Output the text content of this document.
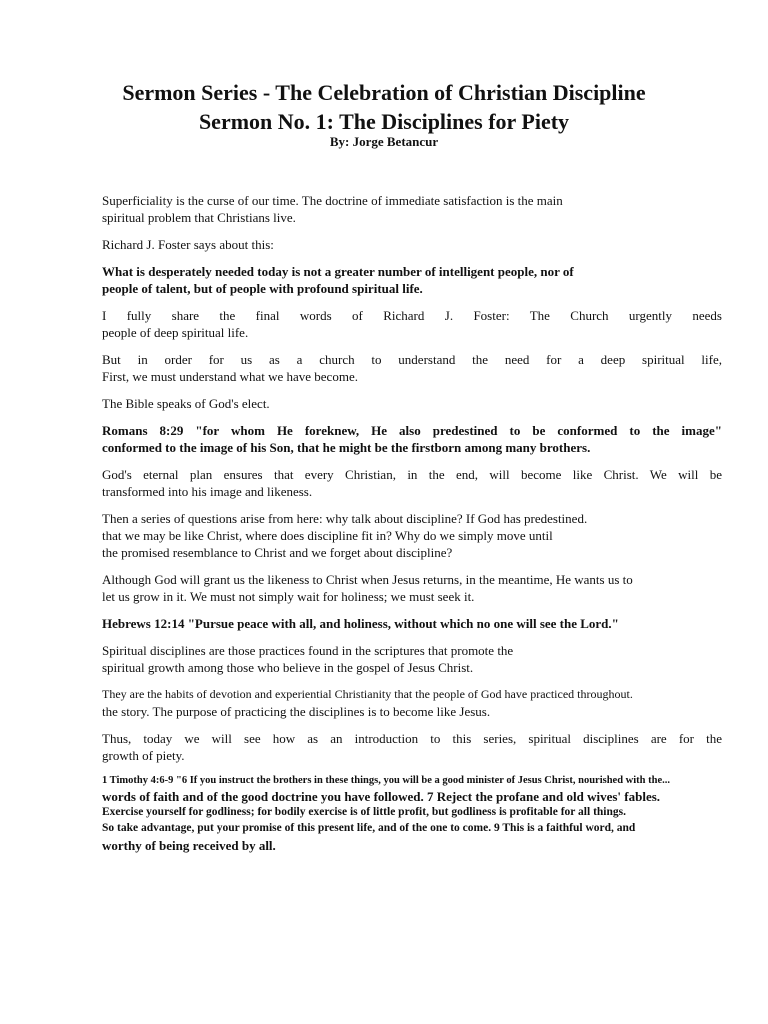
Sermon Series - The Celebration of Christian Discipline
Sermon No. 1: The Disciplines for Piety
By: Jorge Betancur

Superficiality is the curse of our time. The doctrine of immediate satisfaction is the main
spiritual problem that Christians live.

Richard J. Foster says about this:

What is desperately needed today is not a greater number of intelligent people, nor of
people of talent, but of people with profound spiritual life.

I fully share the final words of Richard J. Foster: The Church urgently needs
people of deep spiritual life.

But in order for us as a church to understand the need for a deep spiritual life,
First, we must understand what we have become.

The Bible speaks of God's elect.

Romans 8:29 "for whom He foreknew, He also predestined to be conformed to the image"
conformed to the image of his Son, that he might be the firstborn among many brothers.

God's eternal plan ensures that every Christian, in the end, will become like Christ. We will be
transformed into his image and likeness.

Then a series of questions arise from here: why talk about discipline? If God has predestined.
that we may be like Christ, where does discipline fit in? Why do we simply move until
the promised resemblance to Christ and we forget about discipline?

Although God will grant us the likeness to Christ when Jesus returns, in the meantime, He wants us to
let us grow in it. We must not simply wait for holiness; we must seek it.

Hebrews 12:14 "Pursue peace with all, and holiness, without which no one will see the Lord."

Spiritual disciplines are those practices found in the scriptures that promote the
spiritual growth among those who believe in the gospel of Jesus Christ.

They are the habits of devotion and experiential Christianity that the people of God have practiced throughout.
the story. The purpose of practicing the disciplines is to become like Jesus.

Thus, today we will see how as an introduction to this series, spiritual disciplines are for the
growth of piety.

1 Timothy 4:6-9 "6 If you instruct the brothers in these things, you will be a good minister of Jesus Christ, nourished with the...
words of faith and of the good doctrine you have followed. 7 Reject the profane and old wives' fables.
Exercise yourself for godliness; for bodily exercise is of little profit, but godliness is profitable for all things.
So take advantage, put your promise of this present life, and of the one to come. 9 This is a faithful word, and
worthy of being received by all.
